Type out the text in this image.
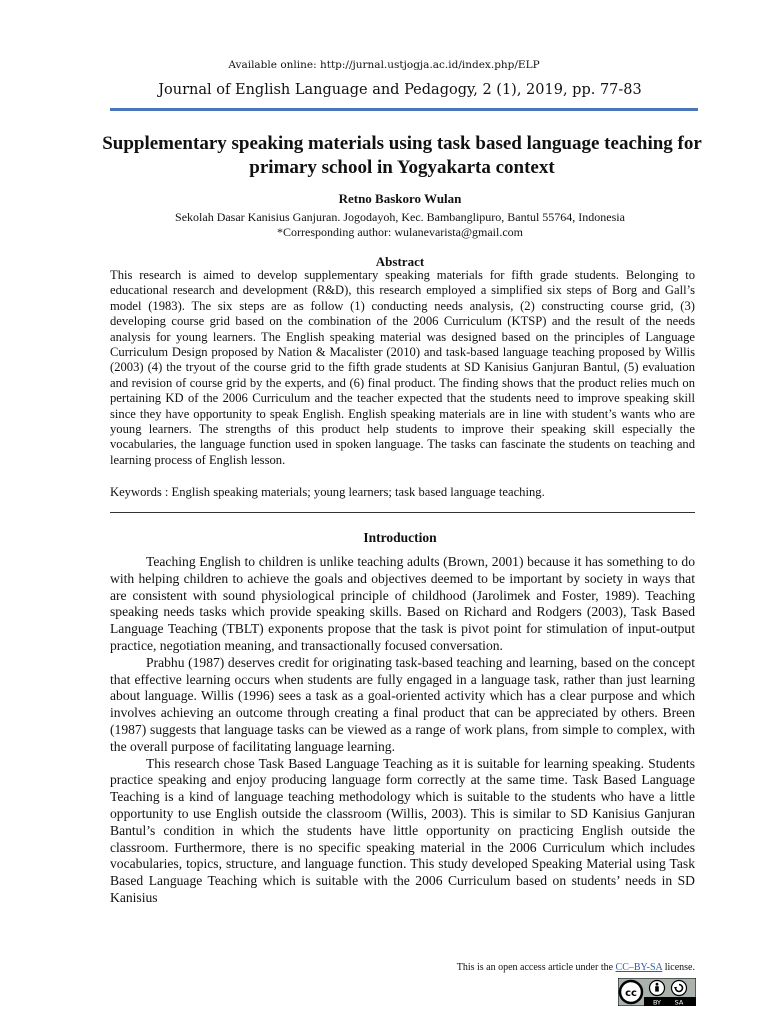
Available online: http://jurnal.ustjogja.ac.id/index.php/ELP
Journal of English Language and Pedagogy, 2 (1), 2019, pp. 77-83
Supplementary speaking materials using task based language teaching for primary school in Yogyakarta context
Retno Baskoro Wulan
Sekolah Dasar Kanisius Ganjuran. Jogodayoh, Kec. Bambanglipuro, Bantul 55764, Indonesia
*Corresponding author: wulanevarista@gmail.com
Abstract

This research is aimed to develop supplementary speaking materials for fifth grade students. Belonging to educational research and development (R&D), this research employed a simplified six steps of Borg and Gall’s model (1983). The six steps are as follow (1) conducting needs analysis, (2) constructing course grid, (3) developing course grid based on the combination of the 2006 Curriculum (KTSP) and the result of the needs analysis for young learners. The English speaking material was designed based on the principles of Language Curriculum Design proposed by Nation & Macalister (2010) and task-based language teaching proposed by Willis (2003) (4) the tryout of the course grid to the fifth grade students at SD Kanisius Ganjuran Bantul, (5) evaluation and revision of course grid by the experts, and (6) final product. The finding shows that the product relies much on pertaining KD of the 2006 Curriculum and the teacher expected that the students need to improve speaking skill since they have opportunity to speak English. English speaking materials are in line with student’s wants who are young learners. The strengths of this product help students to improve their speaking skill especially the vocabularies, the language function used in spoken language. The tasks can fascinate the students on teaching and learning process of English lesson.

Keywords : English speaking materials; young learners; task based language teaching.
Introduction

Teaching English to children is unlike teaching adults (Brown, 2001) because it has something to do with helping children to achieve the goals and objectives deemed to be important by society in ways that are consistent with sound physiological principle of childhood (Jarolimek and Foster, 1989). Teaching speaking needs tasks which provide speaking skills. Based on Richard and Rodgers (2003), Task Based Language Teaching (TBLT) exponents propose that the task is pivot point for stimulation of input-output practice, negotiation meaning, and transactionally focused conversation.

Prabhu (1987) deserves credit for originating task-based teaching and learning, based on the concept that effective learning occurs when students are fully engaged in a language task, rather than just learning about language. Willis (1996) sees a task as a goal-oriented activity which has a clear purpose and which involves achieving an outcome through creating a final product that can be appreciated by others. Breen (1987) suggests that language tasks can be viewed as a range of work plans, from simple to complex, with the overall purpose of facilitating language learning.

This research chose Task Based Language Teaching as it is suitable for learning speaking. Students practice speaking and enjoy producing language form correctly at the same time. Task Based Language Teaching is a kind of language teaching methodology which is suitable to the students who have a little opportunity to use English outside the classroom (Willis, 2003). This is similar to SD Kanisius Ganjuran Bantul’s condition in which the students have little opportunity on practicing English outside the classroom. Furthermore, there is no specific speaking material in the 2006 Curriculum which includes vocabularies, topics, structure, and language function. This study developed Speaking Material using Task Based Language Teaching which is suitable with the 2006 Curriculum based on students’ needs in SD Kanisius

This is an open access article under the CC–BY-SA license.
cc
BY SA
